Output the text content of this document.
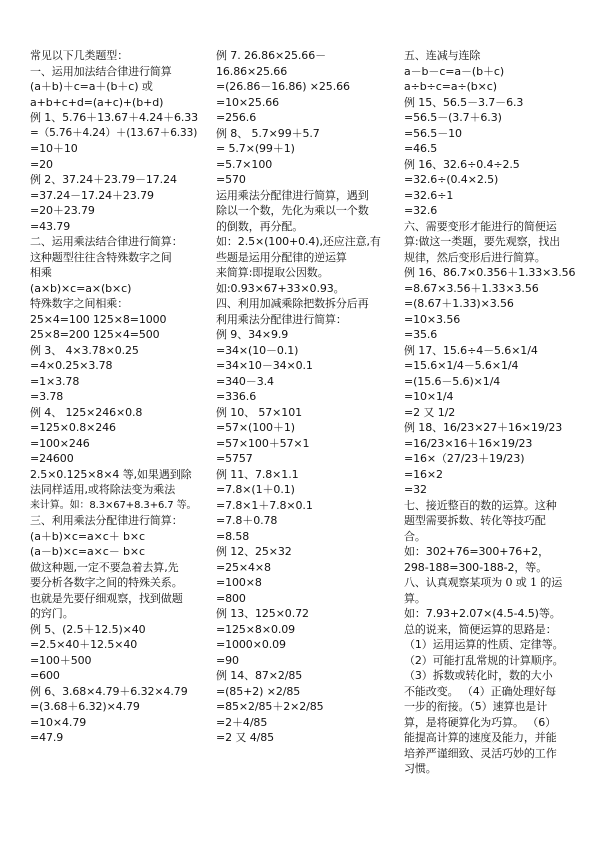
常见以下几类题型：
一、运用加法结合律进行简算
(a＋b)＋c=a＋(b＋c) 或
a+b+c+d=(a+c)+(b+d)
例 1、5.76＋13.67＋4.24＋6.33
=（5.76＋4.24）＋(13.67＋6.33)
=10＋10
=20
例 2、37.24＋23.79－17.24
=37.24－17.24＋23.79
=20＋23.79
=43.79
二、运用乘法结合律进行简算：
这种题型往往含特殊数字之间
相乘
(a×b)×c=a×(b×c)
特殊数字之间相乘：
25×4=100 125×8=1000
25×8=200 125×4=500
例 3、 4×3.78×0.25
=4×0.25×3.78
=1×3.78
=3.78
例 4、 125×246×0.8
=125×0.8×246
=100×246
=24600
2.5×0.125×8×4 等,如果遇到除
法同样适用,或将除法变为乘法
来计算。如：8.3×67+8.3+6.7 等。
三、利用乘法分配律进行简算：
(a＋b)×c=a×c＋ b×c
(a－b)×c=a×c－ b×c
做这种题,一定不要急着去算,先
要分析各数字之间的特殊关系。
也就是先要仔细观察，找到做题
的窍门。
例 5、(2.5＋12.5)×40
=2.5×40＋12.5×40
=100＋500
=600
例 6、3.68×4.79＋6.32×4.79
=(3.68＋6.32)×4.79
=10×4.79
=47.9
例 7. 26.86×25.66－
16.86×25.66
=(26.86－16.86) ×25.66
=10×25.66
=256.6
例 8、 5.7×99＋5.7
= 5.7×(99＋1)
=5.7×100
=570
运用乘法分配律进行简算，遇到
除以一个数，先化为乘以一个数
的倒数，再分配。
如：2.5×(100+0.4),还应注意,有
些题是运用分配律的逆运算
来简算:即提取公因数。
如:0.93×67+33×0.93。
四、利用加减乘除把数拆分后再
利用乘法分配律进行简算：
例 9、34×9.9
=34×(10－0.1)
=34×10－34×0.1
=340－3.4
=336.6
例 10、 57×101
=57×(100＋1)
=57×100＋57×1
=5757
例 11、7.8×1.1
=7.8×(1＋0.1)
=7.8×1＋7.8×0.1
=7.8＋0.78
=8.58
例 12、25×32
=25×4×8
=100×8
=800
例 13、125×0.72
=125×8×0.09
=1000×0.09
=90
例 14、87×2/85
=(85+2) ×2/85
=85×2/85＋2×2/85
=2＋4/85
=2 又 4/85
五、连减与连除
a－b－c=a－(b＋c)
a÷b÷c=a÷(b×c)
例 15、56.5－3.7－6.3
=56.5－(3.7＋6.3)
=56.5－10
=46.5
例 16、32.6÷0.4÷2.5
=32.6÷(0.4×2.5)
=32.6÷1
=32.6
六、需要变形才能进行的简便运
算:做这一类题，要先观察，找出
规律，然后变形后进行简算。
例 16、86.7×0.356＋1.33×3.56
=8.67×3.56＋1.33×3.56
=(8.67＋1.33)×3.56
=10×3.56
=35.6
例 17、15.6÷4－5.6×1/4
=15.6×1/4－5.6×1/4
=(15.6－5.6)×1/4
=10×1/4
=2 又 1/2
例 18、16/23×27＋16×19/23
=16/23×16＋16×19/23
=16×（27/23＋19/23)
=16×2
=32
七、接近整百的数的运算。这种
题型需要拆数、转化等技巧配
合。
如：302+76=300+76+2，
298-188=300-188-2，等。
八、认真观察某项为 0 或 1 的运
算。
如：7.93+2.07×(4.5-4.5)等。
总的说来，简便运算的思路是：
（1）运用运算的性质、定律等。
（2）可能打乱常规的计算顺序。
（3）拆数或转化时，数的大小
不能改变。 （4）正确处理好每
一步的衔接。（5）速算也是计
算，是将硬算化为巧算。 （6）
能提高计算的速度及能力，并能
培养严谨细致、灵活巧妙的工作
习惯。
